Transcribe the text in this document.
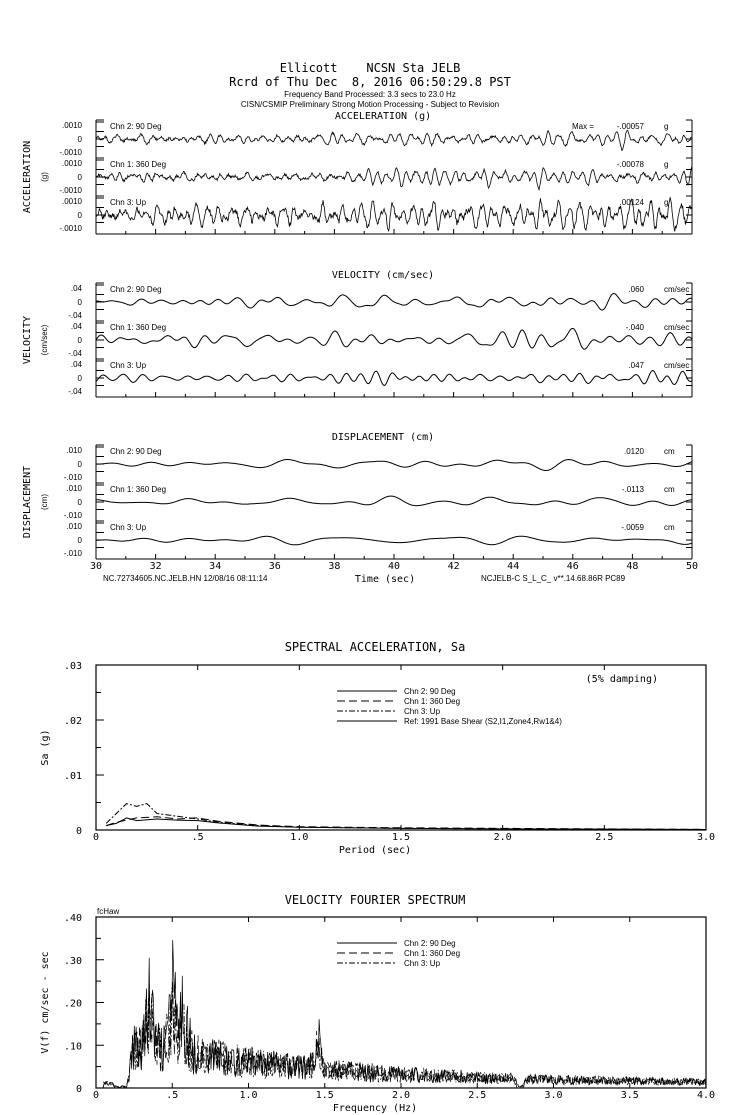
Ellicott    NCSN Sta JELB
Rcrd of Thu Dec  8, 2016 06:50:29.8 PST
Frequency Band Processed: 3.3 secs to 23.0 Hz
CISN/CSMIP Preliminary Strong Motion Processing - Subject to Revision
ACCELERATION (g)
ACCELERATION (g)
.0010
0
-.0010
Chn 2: 90 Deg	Max =	-.00057	g
.0010
0
-.0010
Chn 1: 360 Deg	-.00078	g
.0010
0
-.0010
Chn 3: Up	.00124	g
VELOCITY (cm/sec)
VELOCITY (cm/sec)
.04
0
-.04
Chn 2: 90 Deg	.060	cm/sec
.04
0
-.04
Chn 1: 360 Deg	-.040	cm/sec
.04
0
-.04
Chn 3: Up	.047	cm/sec
DISPLACEMENT (cm)
DISPLACEMENT (cm)
.010
0
-.010
Chn 2: 90 Deg	.0120	cm
.010
0
-.010
Chn 1: 360 Deg	-.0113	cm
.010
0
-.010
Chn 3: Up	-.0059	cm
30	32	34	36	38	40	42	44	46	48	50
Time (sec)
NC.72734605.NC.JELB.HN 12/08/16 08:11:14	NCJELB-C S_L_C_ v**.14.68.86R PC89
SPECTRAL ACCELERATION, Sa
0	.5	1.0	1.5	2.0	2.5	3.0
0
.01
.02
.03
Period (sec)
Sa (g)
Chn 2: 90 Deg
Chn 1: 360 Deg
Chn 3: Up
Ref: 1991 Base Shear (S2,I1,Zone4,Rw1&4)
(5% damping)
VELOCITY FOURIER SPECTRUM
0	.5	1.0	1.5	2.0	2.5	3.0	3.5	4.0
0
.10
.20
.30
.40
Frequency (Hz)
V(f) cm/sec - sec
Chn 2: 90 Deg
Chn 1: 360 Deg
Chn 3: Up
fcHaw
